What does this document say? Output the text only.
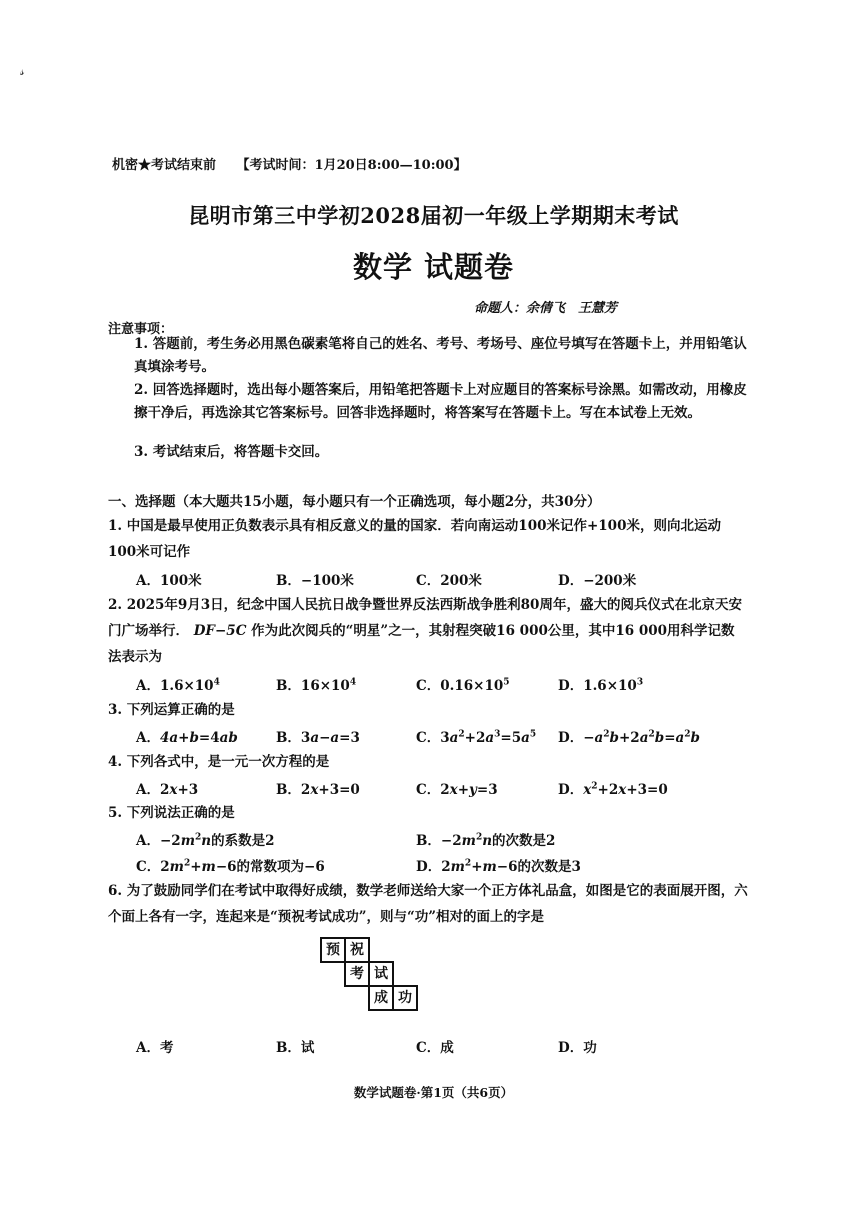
𝓈
机密★考试结束前 【考试时间：1月20日8:00—10:00】
昆明市第三中学初2028届初一年级上学期期末考试
数学 试题卷
命题人：余倩飞　王慧芳
注意事项：
1. 答题前，考生务必用黑色碳素笔将自己的姓名、考号、考场号、座位号填写在答题卡上，并用铅笔认真填涂考号。
2. 回答选择题时，选出每小题答案后，用铅笔把答题卡上对应题目的答案标号涂黑。如需改动，用橡皮擦干净后，再选涂其它答案标号。回答非选择题时，将答案写在答题卡上。写在本试卷上无效。
3. 考试结束后，将答题卡交回。
一、选择题（本大题共15小题，每小题只有一个正确选项，每小题2分，共30分）
1. 中国是最早使用正负数表示具有相反意义的量的国家．若向南运动100米记作+100米，则向北运动100米可记作
A．100米	B．−100米	C．200米	D．−200米
2. 2025年9月3日，纪念中国人民抗日战争暨世界反法西斯战争胜利80周年，盛大的阅兵仪式在北京天安门广场举行． DF−5C 作为此次阅兵的“明星”之一，其射程突破16 000公里，其中16 000用科学记数法表示为
A．$1.6\times 10^4$	B．$16\times 10^4$	C．$0.16\times 10^5$	D．$1.6\times 10^3$
3. 下列运算正确的是
A．4a+b=4ab	B．3a−a=3	C．$3a^2+2a^3=5a^5$ D．$-a^2b+2a^2b=a^2b$
4. 下列各式中，是一元一次方程的是
A．2x+3	B．2x+3=0	C．2x+y=3	D．$x^2+2x+3=0$
5. 下列说法正确的是
A．$-2m^2n$的系数是2	B．$-2m^2n$的次数是2
C．$2m^2+m-6$的常数项为−6	D．$2m^2+m-6$的次数是3
6. 为了鼓励同学们在考试中取得好成绩，数学老师送给大家一个正方体礼品盒，如图是它的表面展开图，六个面上各有一字，连起来是“预祝考试成功”，则与“功”相对的面上的字是
预 祝
考 试
成 功
A．考	B．试	C．成	D．功
数学试题卷·第1页（共6页）
